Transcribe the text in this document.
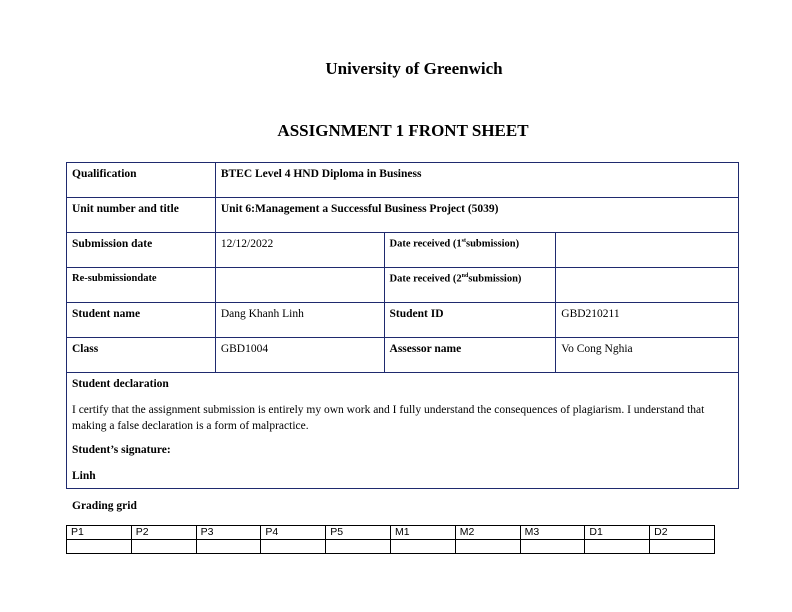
University of Greenwich
ASSIGNMENT 1 FRONT SHEET
Qualification	BTEC Level 4 HND Diploma in Business		
Unit number and title	Unit 6:Management a Successful Business Project (5039)		
Submission date	12/12/2022	Date received (1stsubmission)	
Re-submissiondate		Date received (2ndsubmission)	
Student name	Dang Khanh Linh	Student ID	GBD210211
Class	GBD1004	Assessor name	Vo Cong Nghia

Student declaration

I certify that the assignment submission is entirely my own work and I fully understand the consequences of plagiarism. I understand that making a false declaration is a form of malpractice.

Student’s signature:

Linh			

Grading grid
P1	P2	P3	P4	P5	M1	M2	M3	D1	D2
